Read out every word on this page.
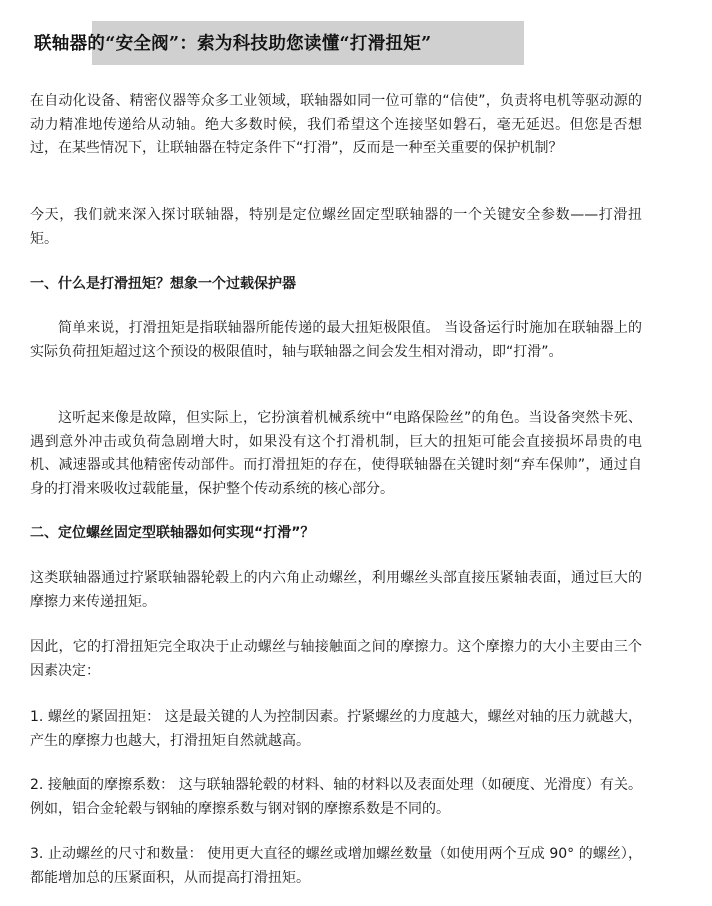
联轴器的“安全阀”：索为科技助您读懂“打滑扭矩”

在自动化设备、精密仪器等众多工业领域，联轴器如同一位可靠的“信使”，负责将电机等驱动源的动力精准地传递给从动轴。绝大多数时候，我们希望这个连接坚如磐石，毫无延迟。但您是否想过，在某些情况下，让联轴器在特定条件下“打滑”，反而是一种至关重要的保护机制？

今天，我们就来深入探讨联轴器，特别是定位螺丝固定型联轴器的一个关键安全参数——打滑扭矩。

一、什么是打滑扭矩？想象一个过载保护器

简单来说，打滑扭矩是指联轴器所能传递的最大扭矩极限值。 当设备运行时施加在联轴器上的实际负荷扭矩超过这个预设的极限值时，轴与联轴器之间会发生相对滑动，即“打滑”。

这听起来像是故障，但实际上，它扮演着机械系统中“电路保险丝”的角色。当设备突然卡死、遇到意外冲击或负荷急剧增大时，如果没有这个打滑机制，巨大的扭矩可能会直接损坏昂贵的电机、减速器或其他精密传动部件。而打滑扭矩的存在，使得联轴器在关键时刻“弃车保帅”，通过自身的打滑来吸收过载能量，保护整个传动系统的核心部分。

二、定位螺丝固定型联轴器如何实现“打滑”？

这类联轴器通过拧紧联轴器轮毂上的内六角止动螺丝，利用螺丝头部直接压紧轴表面，通过巨大的摩擦力来传递扭矩。

因此，它的打滑扭矩完全取决于止动螺丝与轴接触面之间的摩擦力。这个摩擦力的大小主要由三个因素决定：

1. 螺丝的紧固扭矩： 这是最关键的人为控制因素。拧紧螺丝的力度越大，螺丝对轴的压力就越大，产生的摩擦力也越大，打滑扭矩自然就越高。

2. 接触面的摩擦系数： 这与联轴器轮毂的材料、轴的材料以及表面处理（如硬度、光滑度）有关。例如，铝合金轮毂与钢轴的摩擦系数与钢对钢的摩擦系数是不同的。

3. 止动螺丝的尺寸和数量： 使用更大直径的螺丝或增加螺丝数量（如使用两个互成 90° 的螺丝），都能增加总的压紧面积，从而提高打滑扭矩。
